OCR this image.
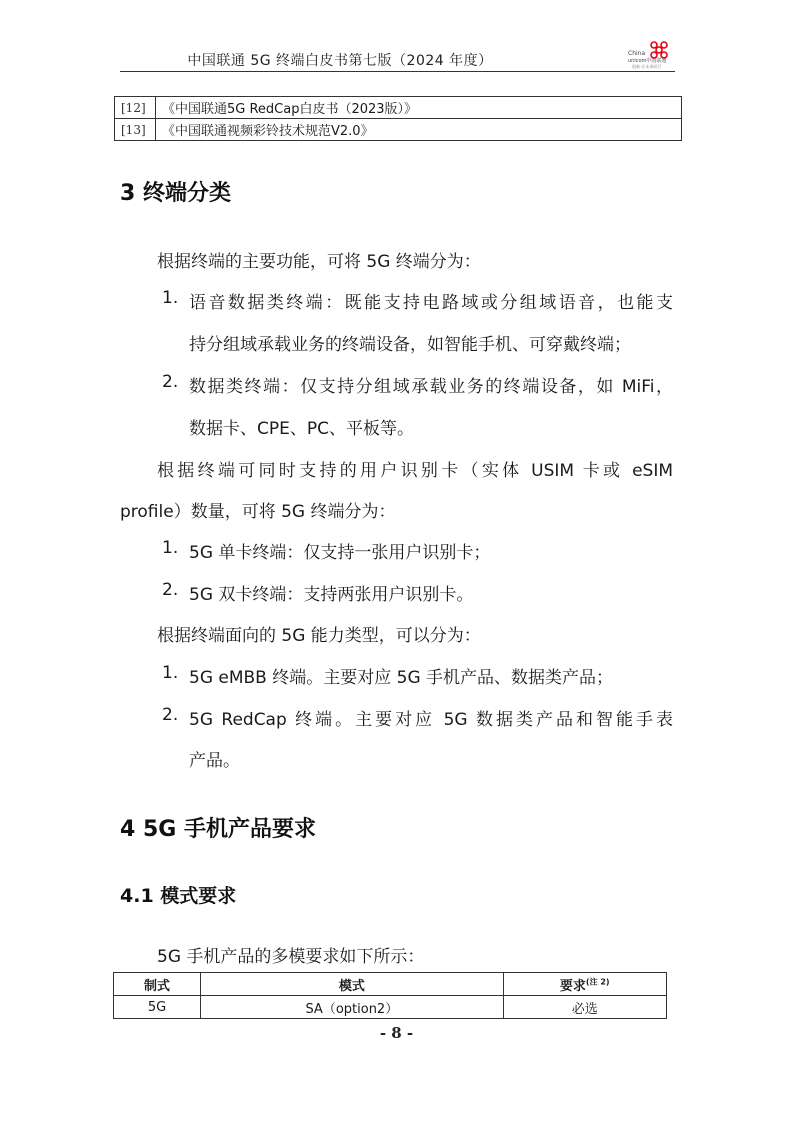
中国联通 5G 终端白皮书第七版（2024 年度）	China
unicom中国联通
创新·让未来同行
[12]	《中国联通5G RedCap白皮书（2023版）》
[13]	《中国联通视频彩铃技术规范V2.0》
3 终端分类

根据终端的主要功能，可将 5G 终端分为：

1. 语音数据类终端：既能支持电路域或分组域语音，也能支

持分组域承载业务的终端设备，如智能手机、可穿戴终端；

2. 数据类终端：仅支持分组域承载业务的终端设备，如 MiFi，

数据卡、CPE、PC、平板等。

根据终端可同时支持的用户识别卡（实体 USIM 卡或 eSIM

profile）数量，可将 5G 终端分为：

1. 5G 单卡终端：仅支持一张用户识别卡；

2. 5G 双卡终端：支持两张用户识别卡。

根据终端面向的 5G 能力类型，可以分为：

1. 5G eMBB 终端。主要对应 5G 手机产品、数据类产品；

2. 5G RedCap 终端。主要对应 5G 数据类产品和智能手表

产品。

4 5G 手机产品要求
4.1 模式要求

5G 手机产品的多模要求如下所示：

制式	模式	要求$^{(注 2)}$
5G	SA（option2）	必选
- 8 -
